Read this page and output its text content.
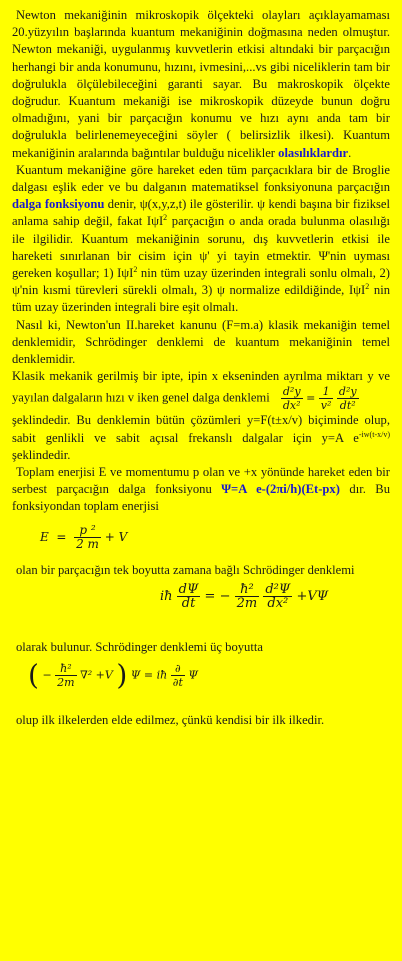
Newton mekaniğinin mikroskopik ölçekteki olayları açıklayamaması 20.yüzyılın başlarında kuantum mekaniğinin doğmasına neden olmuştur. Newton mekaniği, uygulanmış kuvvetlerin etkisi altındaki bir parçacığın herhangi bir anda konumunu, hızını, ivmesini,...vs gibi niceliklerin tam bir doğrulukla ölçülebileceğini garanti sayar. Bu makroskopik ölçekte doğrudur. Kuantum mekaniği ise mikroskopik düzeyde bunun doğru olmadığını, yani bir parçacığın konumu ve hızı aynı anda tam bir doğrulukla belirlenemeyeceğini söyler ( belirsizlik ilkesi). Kuantum mekaniğinin aralarında bağıntılar bulduğu nicelikler olasılıklardır.

Kuantum mekaniğine göre hareket eden tüm parçacıklara bir de Broglie dalgası eşlik eder ve bu dalganın matematiksel fonksiyonuna parçacığın dalga fonksiyonu denir, ψ(x,y,z,t) ile gösterilir. ψ kendi başına bir fiziksel anlama sahip değil, fakat IψI$^2$ parçacığın o anda orada bulunma olasılığı ile ilgilidir. Kuantum mekaniğinin sorunu, dış kuvvetlerin etkisi ile hareketi sınırlanan bir cisim için ψ' yi tayin etmektir. Ψ'nin uyması gereken koşullar; 1) IψI$^2$ nin tüm uzay üzerinden integrali sonlu olmalı, 2) ψ'nin kısmi türevleri sürekli olmalı, 3) ψ normalize edildiğinde, IψI$^2$ nin tüm uzay üzerinden integrali bire eşit olmalı.

Nasıl ki, Newton'un II.hareket kanunu (F=m.a) klasik mekaniğin temel denklemidir, Schrödinger denklemi de kuantum mekaniğinin temel denklemidir.

Klasik mekanik gerilmiş bir ipte, ipin x ekseninden ayrılma miktarı y ve yayılan dalgaların hızı v iken genel dalga denklemi $\frac{\text{d²y}}{\text{dx²}} = \frac{1}{\text{v²}}$
$\frac{\text{d²y}}{\text{dt²}}$

şeklindedir. Bu denklemin bütün çözümleri y=F(t±x/v) biçiminde olup, sabit genlikli ve sabit açısal frekanslı dalgalar için y=A $e^{-iw(t-x/v)}$ şeklindedir.

Toplam enerjisi E ve momentumu p olan ve +x yönünde hareket eden bir serbest parçacığın dalga fonksiyonu Ψ=A e-(2πi/h)(Et-px) dır. Bu fonksiyondan toplam enerjisi

$E = \frac{\text{p ²}}{2 m} + V$

olan bir parçacığın tek boyutta zamana bağlı Schrödinger denklemi

iħ $\frac{d\Psi}{dt}$ = − $\frac{\text{ħ²}}{2m}$
$\frac{\text{d²Ψ}}{\text{dx²}} +V\Psi$

olarak bulunur. Schrödinger denklemi üç boyutta

( − $\frac{\text{ħ²}}{2m} \nabla^2 +V$ ) Ψ = iħ $\frac{\partial}{\partial t}$ Ψ

olup ilk ilkelerden elde edilmez, çünkü kendisi bir ilk ilkedir.
